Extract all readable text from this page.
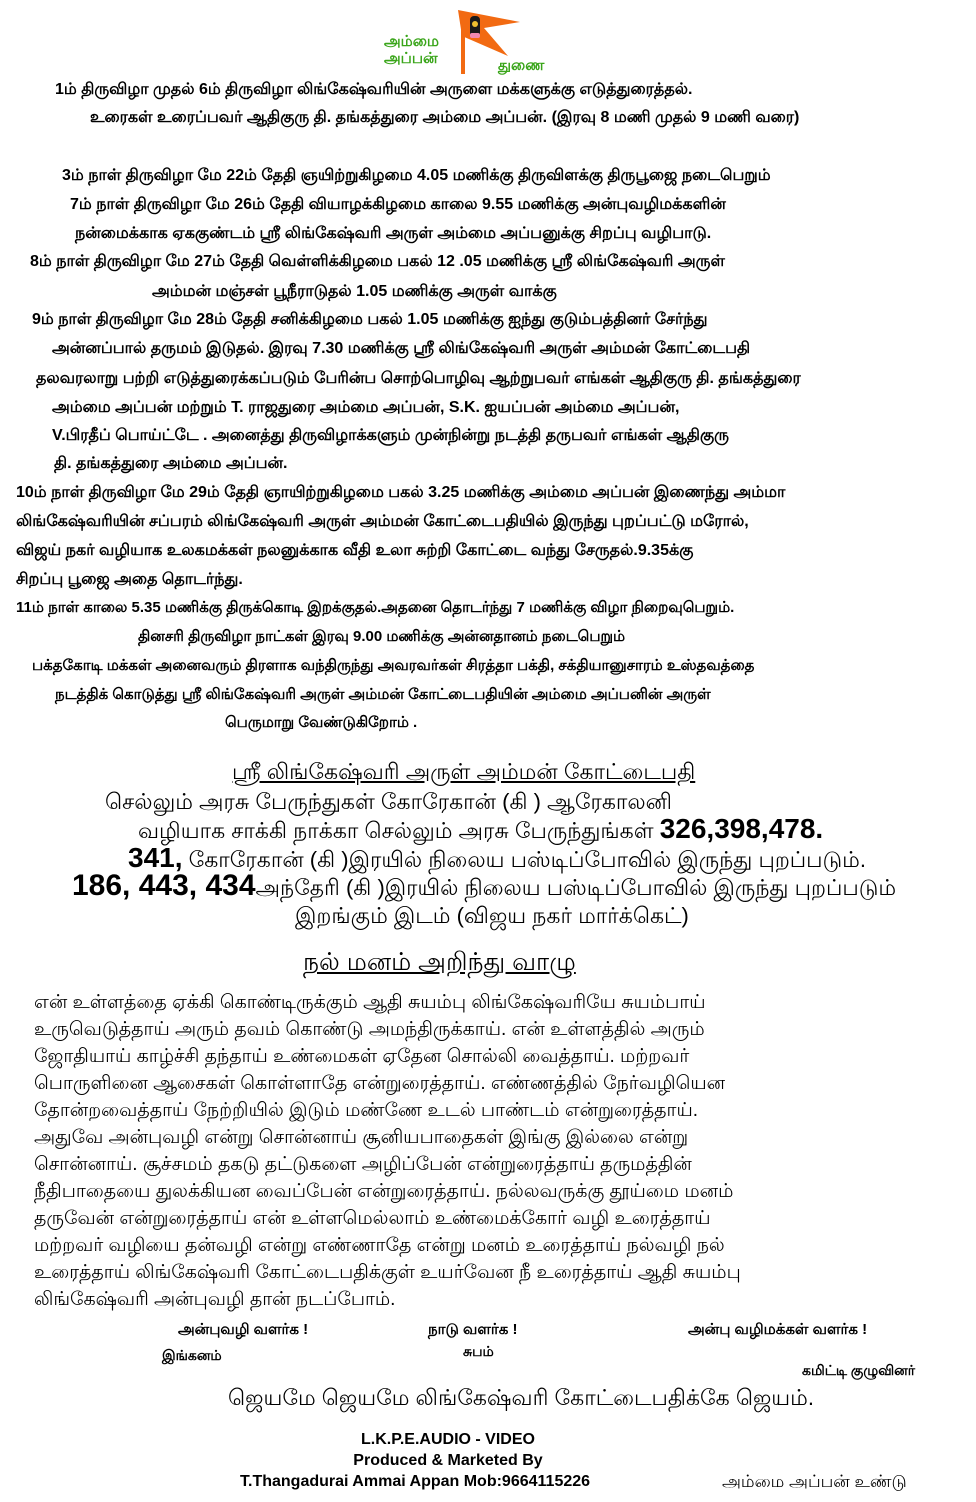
அம்மை
அப்பன்	துணை
1ம் திருவிழா முதல் 6ம் திருவிழா லிங்கேஷ்வரியின் அருளை மக்களுக்கு எடுத்துரைத்தல்.
உரைகள் உரைப்பவர் ஆதிகுரு தி. தங்கத்துரை அம்மை அப்பன். (இரவு 8 மணி முதல் 9 மணி வரை)
3ம் நாள் திருவிழா மே 22ம் தேதி ஞயிற்றுகிழமை 4.05 மணிக்கு திருவிளக்கு திருபூஜை நடைபெறும்
7ம் நாள் திருவிழா மே 26ம் தேதி வியாழக்கிழமை காலை 9.55 மணிக்கு அன்புவழிமக்களின்
நன்மைக்காக ஏககுண்டம் ஸ்ரீ லிங்கேஷ்வரி அருள் அம்மை அப்பனுக்கு சிறப்பு வழிபாடு.
8ம் நாள் திருவிழா மே 27ம் தேதி வெள்ளிக்கிழமை பகல் 12 .05 மணிக்கு ஸ்ரீ லிங்கேஷ்வரி அருள்
அம்மன் மஞ்சள் பூநீராடுதல் 1.05 மணிக்கு அருள் வாக்கு
9ம் நாள் திருவிழா மே 28ம் தேதி சனிக்கிழமை பகல் 1.05 மணிக்கு ஐந்து குடும்பத்தினர் சேர்ந்து
அன்னப்பால் தருமம் இடுதல். இரவு 7.30 மணிக்கு ஸ்ரீ லிங்கேஷ்வரி அருள் அம்மன் கோட்டைபதி
தலவரலாறு பற்றி எடுத்துரைக்கப்படும் பேரின்ப சொற்பொழிவு ஆற்றுபவர் எங்கள் ஆதிகுரு தி. தங்கத்துரை
அம்மை அப்பன் மற்றும் T. ராஜதுரை அம்மை அப்பன், S.K. ஐயப்பன் அம்மை அப்பன்,
V.பிரதீப் பொய்ட்டே . அனைத்து திருவிழாக்களும் முன்நின்று நடத்தி தருபவர் எங்கள் ஆதிகுரு
தி. தங்கத்துரை அம்மை அப்பன்.
10ம் நாள் திருவிழா மே 29ம் தேதி ஞாயிற்றுகிழமை பகல் 3.25 மணிக்கு அம்மை அப்பன் இணைந்து அம்மா
லிங்கேஷ்வரியின் சப்பரம் லிங்கேஷ்வரி அருள் அம்மன் கோட்டைபதியில் இருந்து புறப்பட்டு மரோல்,
விஜய் நகர் வழியாக உலகமக்கள் நலனுக்காக வீதி உலா சுற்றி கோட்டை வந்து சேருதல்.9.35க்கு
சிறப்பு பூஜை அதை தொடர்ந்து.
11ம் நாள் காலை 5.35 மணிக்கு திருக்கொடி இறக்குதல்.அதனை தொடர்ந்து 7 மணிக்கு விழா நிறைவுபெறும்.
தினசரி திருவிழா நாட்கள் இரவு 9.00 மணிக்கு அன்னதானம் நடைபெறும்
பக்தகோடி மக்கள் அனைவரும் திரளாக வந்திருந்து அவரவர்கள் சிரத்தா பக்தி, சக்தியானுசாரம் உஸ்தவத்தை
நடத்திக் கொடுத்து ஸ்ரீ லிங்கேஷ்வரி அருள் அம்மன் கோட்டைபதியின் அம்மை அப்பனின் அருள்
பெருமாறு வேண்டுகிறோம் .
ஸ்ரீ லிங்கேஷ்வரி அருள் அம்மன் கோட்டைபதி
செல்லும் அரசு பேருந்துகள் கோரேகான் (கி ) ஆரேகாலனி
வழியாக சாக்கி நாக்கா செல்லும் அரசு பேருந்துங்கள் 326,398,478.
341, கோரேகான் (கி )இரயில் நிலைய பஸ்டிப்போவில் இருந்து புறப்படும்.
186, 443, 434அந்தேரி (கி )இரயில் நிலைய பஸ்டிப்போவில் இருந்து புறப்படும்
இறங்கும் இடம் (விஜய நகர் மார்க்கெட்)
நல் மனம் அறிந்து வாழு
என் உள்ளத்தை ஏக்கி கொண்டிருக்கும் ஆதி சுயம்பு லிங்கேஷ்வரியே சுயம்பாய்
உருவெடுத்தாய் அரும் தவம் கொண்டு அமந்திருக்காய். என் உள்ளத்தில் அரும்
ஜோதியாய் காழ்ச்சி தந்தாய் உண்மைகள் ஏதேன சொல்லி வைத்தாய். மற்றவர்
பொருளினை ஆசைகள் கொள்ளாதே என்றுரைத்தாய். எண்ணத்தில் நேர்வழியென
தோன்றவைத்தாய் நேற்றியில் இடும் மண்ணே உடல் பாண்டம் என்றுரைத்தாய்.
அதுவே அன்புவழி என்று சொன்னாய் சூனியபாதைகள் இங்கு இல்லை என்று
சொன்னாய். சூச்சமம் தகடு தட்டுகளை அழிப்பேன் என்றுரைத்தாய் தருமத்தின்
நீதிபாதையை துலக்கியன வைப்பேன் என்றுரைத்தாய். நல்லவருக்கு தூய்மை மனம்
தருவேன் என்றுரைத்தாய் என் உள்ளமெல்லாம் உண்மைக்கோர் வழி உரைத்தாய்
மற்றவர் வழியை தன்வழி என்று எண்ணாதே என்று மனம் உரைத்தாய் நல்வழி நல்
உரைத்தாய் லிங்கேஷ்வரி கோட்டைபதிக்குள் உயர்வேன நீ உரைத்தாய் ஆதி சுயம்பு
லிங்கேஷ்வரி அன்புவழி தான் நடப்போம்.
அன்புவழி வளர்க !	நாடு வளர்க !	அன்பு வழிமக்கள் வளர்க !
இங்கனம்	சுபம்
கமிட்டி குழுவினர்
ஜெயமே ஜெயமே லிங்கேஷ்வரி கோட்டைபதிக்கே ஜெயம்.
L.K.P.E.AUDIO - VIDEO
Produced & Marketed By
T.Thangadurai Ammai Appan Mob:9664115226	அம்மை அப்பன் உண்டு
